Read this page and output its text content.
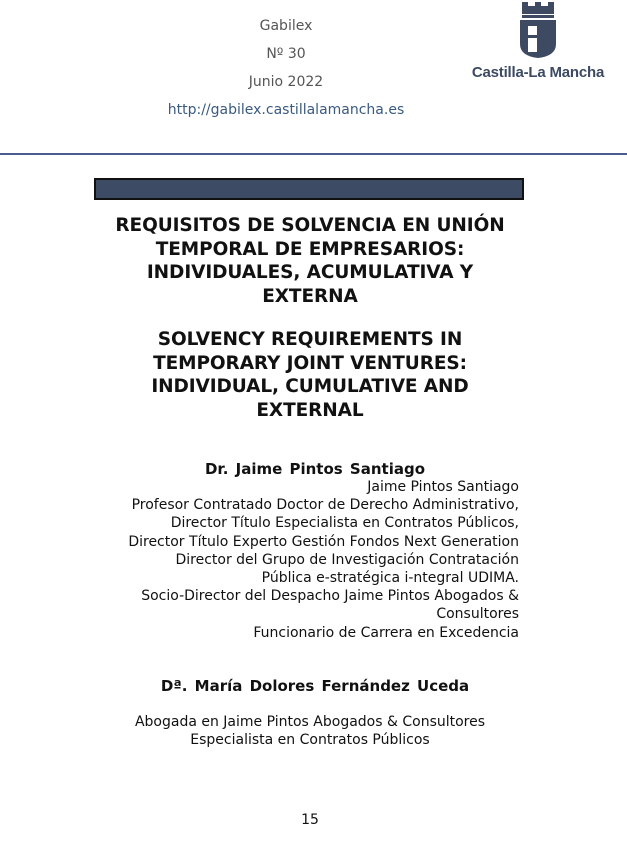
Gabilex
Nº 30
Junio 2022
http://gabilex.castillalamancha.es
Castilla-La Mancha
REQUISITOS DE SOLVENCIA EN UNIÓN
TEMPORAL DE EMPRESARIOS:
INDIVIDUALES, ACUMULATIVA Y
EXTERNA
SOLVENCY REQUIREMENTS IN
TEMPORARY JOINT VENTURES:
INDIVIDUAL, CUMULATIVE AND
EXTERNAL
Dr. Jaime Pintos Santiago
Jaime Pintos Santiago
Profesor Contratado Doctor de Derecho Administrativo,
Director Título Especialista en Contratos Públicos,
Director Título Experto Gestión Fondos Next Generation
Director del Grupo de Investigación Contratación
Pública e-stratégica i-ntegral UDIMA.
Socio-Director del Despacho Jaime Pintos Abogados &
Consultores
Funcionario de Carrera en Excedencia
Dª. María Dolores Fernández Uceda
Abogada en Jaime Pintos Abogados & Consultores
Especialista en Contratos Públicos
15
